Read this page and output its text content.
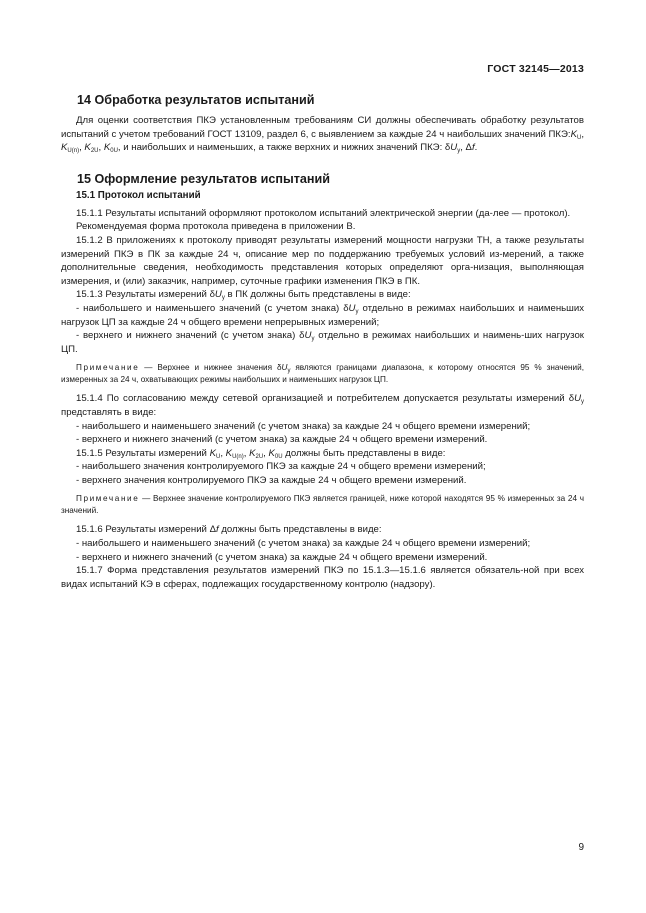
ГОСТ 32145—2013

14 Обработка результатов испытаний

Для оценки соответствия ПКЭ установленным требованиям СИ должны обеспечивать обработку результатов испытаний с учетом требований ГОСТ 13109, раздел 6, с выявлением за каждые 24 ч наибольших значений $ПКЭ:K_U$, $K_{U(n)}$, $K_{2U}$, $K_{0U}$, и наибольших и наименьших, а также верхних и нижних значений ПКЭ: $\delta U_y$, Δf.

15 Оформление результатов испытаний

15.1 Протокол испытаний

15.1.1 Результаты испытаний оформляют протоколом испытаний электрической энергии (да-лее — протокол).

Рекомендуемая форма протокола приведена в приложении В.

15.1.2 В приложениях к протоколу приводят результаты измерений мощности нагрузки ТН, а также результаты измерений ПКЭ в ПК за каждые 24 ч, описание мер по поддержанию требуемых условий из-мерений, а также дополнительные сведения, необходимость представления которых определяют орга-низация, выполняющая измерения, и (или) заказчик, например, суточные графики изменения ПКЭ в ПК.

15.1.3 Результаты измерений $\delta U_y$ в ПК должны быть представлены в виде:

- наибольшего и наименьшего значений (с учетом знака) $\delta U_y$ отдельно в режимах наибольших и наименьших нагрузок ЦП за каждые 24 ч общего времени непрерывных измерений;

- верхнего и нижнего значений (с учетом знака) $\delta U_y$ отдельно в режимах наибольших и наимень-ших нагрузок ЦП.

Примечание — Верхнее и нижнее значения $\delta U_y$ являются границами диапазона, к которому относятся 95 % значений, измеренных за 24 ч, охватывающих режимы наибольших и наименьших нагрузок ЦП.

15.1.4 По согласованию между сетевой организацией и потребителем допускается результаты измерений $\delta U_y$ представлять в виде:

- наибольшего и наименьшего значений (с учетом знака) за каждые 24 ч общего времени измерений;

- верхнего и нижнего значений (с учетом знака) за каждые 24 ч общего времени измерений.

15.1.5 Результаты измерений $K_U$, $K_{U(n)}$, $K_{2U}$, $K_{0U}$ должны быть представлены в виде:

- наибольшего значения контролируемого ПКЭ за каждые 24 ч общего времени измерений;

- верхнего значения контролируемого ПКЭ за каждые 24 ч общего времени измерений.

Примечание — Верхнее значение контролируемого ПКЭ является границей, ниже которой находятся 95 % измеренных за 24 ч значений.

15.1.6 Результаты измерений Δf должны быть представлены в виде:

- наибольшего и наименьшего значений (с учетом знака) за каждые 24 ч общего времени измерений;

- верхнего и нижнего значений (с учетом знака) за каждые 24 ч общего времени измерений.

15.1.7 Форма представления результатов измерений ПКЭ по 15.1.3—15.1.6 является обязатель-ной при всех видах испытаний КЭ в сферах, подлежащих государственному контролю (надзору).

9
